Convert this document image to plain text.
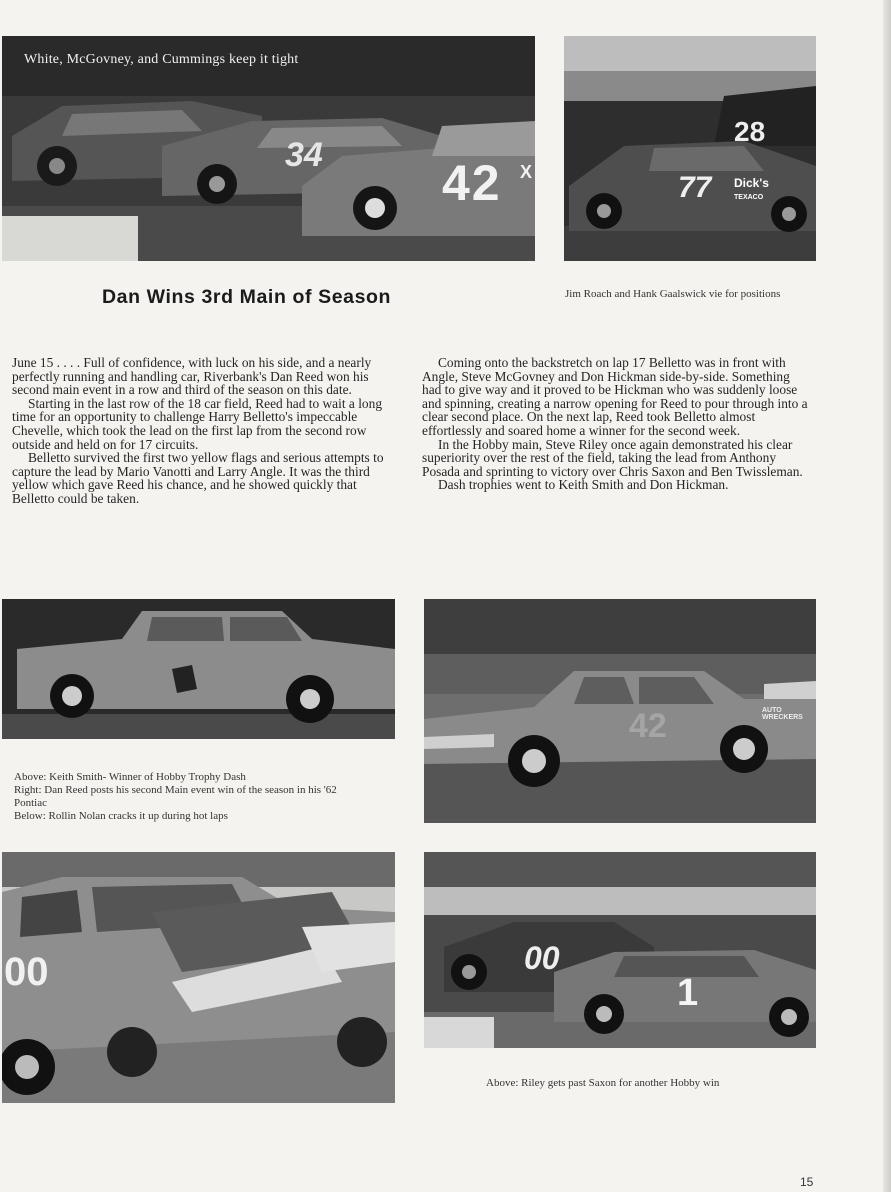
White, McGovney, and Cummings keep it tight
34 42 X
28
77 Dick's
TEXACO
Dan Wins 3rd Main of Season	Jim Roach and Hank Gaalswick vie for positions

June 15 . . . . Full of confidence, with luck on his side, and a nearly perfectly running and handling car, Riverbank's Dan Reed won his second main event in a row and third of the season on this date.

Starting in the last row of the 18 car field, Reed had to wait a long time for an opportunity to challenge Harry Belletto's impeccable Chevelle, which took the lead on the first lap from the second row outside and held on for 17 circuits.

Belletto survived the first two yellow flags and serious attempts to capture the lead by Mario Vanotti and Larry Angle. It was the third yellow which gave Reed his chance, and he showed quickly that Belletto could be taken.

Coming onto the backstretch on lap 17 Belletto was in front with Angle, Steve McGovney and Don Hickman side-by-side. Something had to give way and it proved to be Hickman who was suddenly loose and spinning, creating a narrow opening for Reed to pour through into a clear second place. On the next lap, Reed took Belletto almost effortlessly and soared home a winner for the second week.

In the Hobby main, Steve Riley once again demonstrated his clear superiority over the rest of the field, taking the lead from Anthony Posada and sprinting to victory over Chris Saxon and Ben Twissleman.

Dash trophies went to Keith Smith and Don Hickman.

Above: Keith Smith- Winner of Hobby Trophy Dash
Right: Dan Reed posts his second Main event win of the season in his '62
Pontiac
Below: Rollin Nolan cracks it up during hot laps
42	AUTO WRECKERS
00	00
1
Above: Riley gets past Saxon for another Hobby win
15
